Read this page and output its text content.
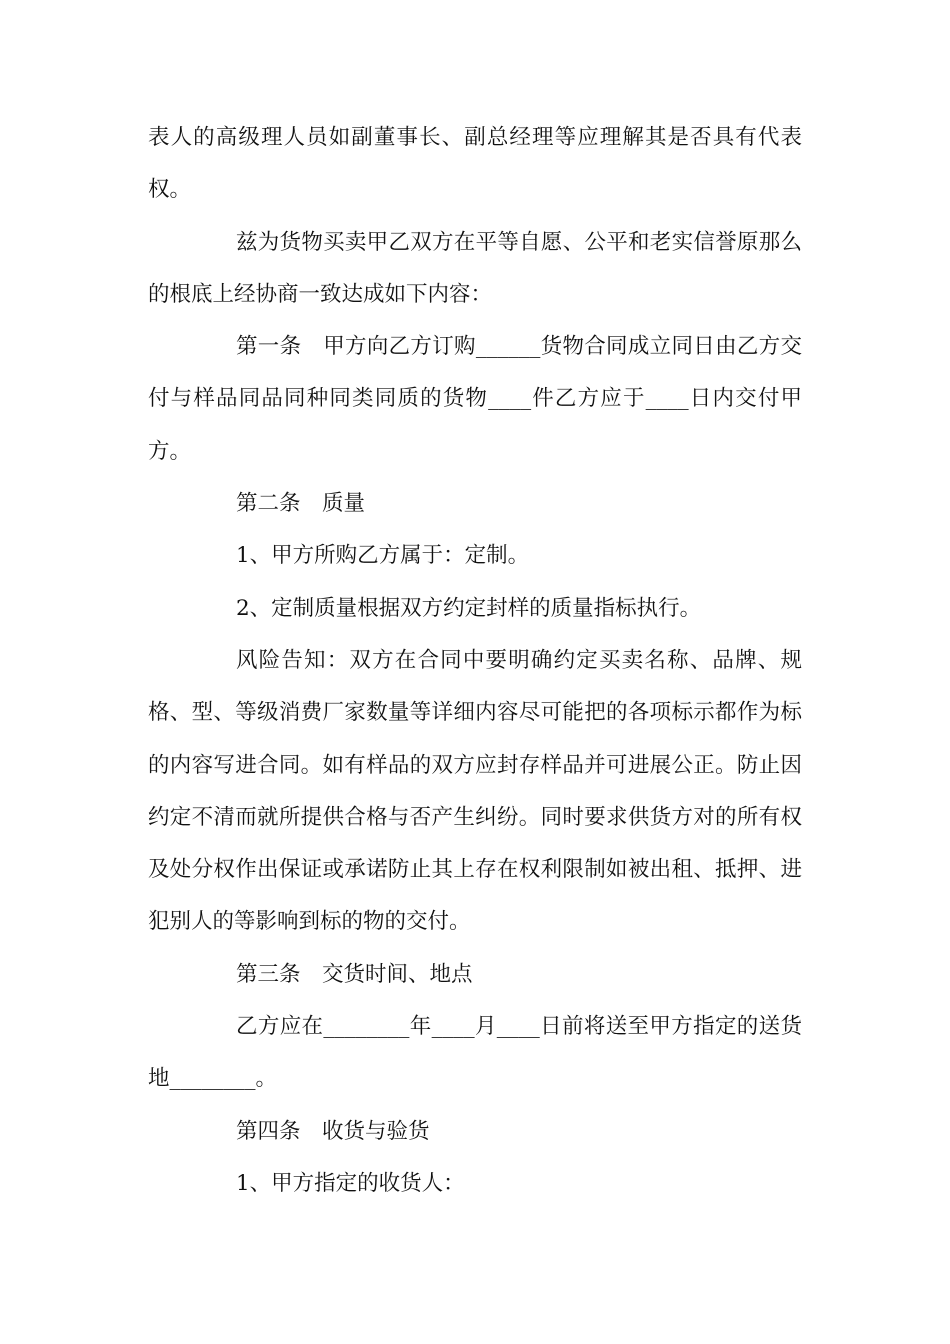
表人的高级理人员如副董事长、副总经理等应理解其是否具有代表权。

兹为货物买卖甲乙双方在平等自愿、公平和老实信誉原那么的根底上经协商一致达成如下内容：

第一条　甲方向乙方订购______货物合同成立同日由乙方交付与样品同品同种同类同质的货物____件乙方应于____日内交付甲方。

第二条　质量

1、甲方所购乙方属于：定制。

2、定制质量根据双方约定封样的质量指标执行。

风险告知：双方在合同中要明确约定买卖名称、品牌、规格、型、等级消费厂家数量等详细内容尽可能把的各项标示都作为标的内容写进合同。如有样品的双方应封存样品并可进展公正。防止因约定不清而就所提供合格与否产生纠纷。同时要求供货方对的所有权及处分权作出保证或承诺防止其上存在权利限制如被出租、抵押、进犯别人的等影响到标的物的交付。

第三条　交货时间、地点

乙方应在________年____月____日前将送至甲方指定的送货地________。

第四条　收货与验货

1、甲方指定的收货人：
